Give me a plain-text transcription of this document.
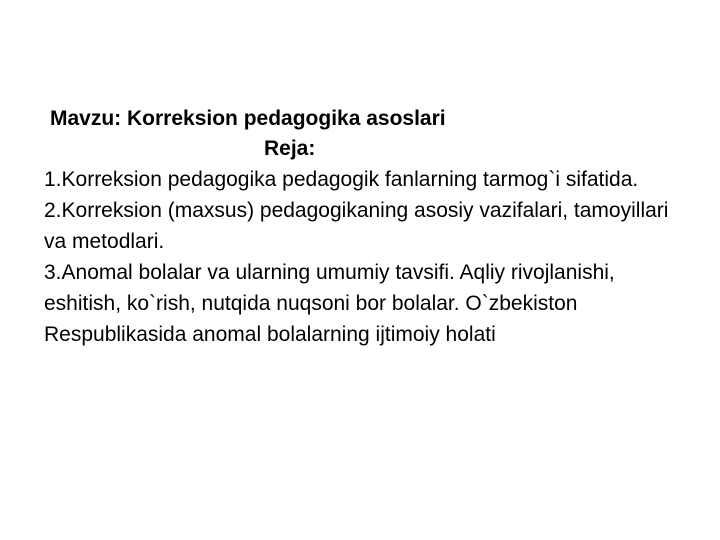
Mavzu: Korreksion pedagogika asoslari
Reja:

1.Korreksion pedagogika pedagogik fanlarning tarmog`i sifatida.

2.Korreksion (maxsus) pedagogikaning asosiy vazifalari, tamoyillari va metodlari.

3.Anomal bolalar va ularning umumiy tavsifi. Aqliy rivojlanishi, eshitish, ko`rish, nutqida nuqsoni bor bolalar. O`zbekiston Respublikasida anomal bolalarning ijtimoiy holati
